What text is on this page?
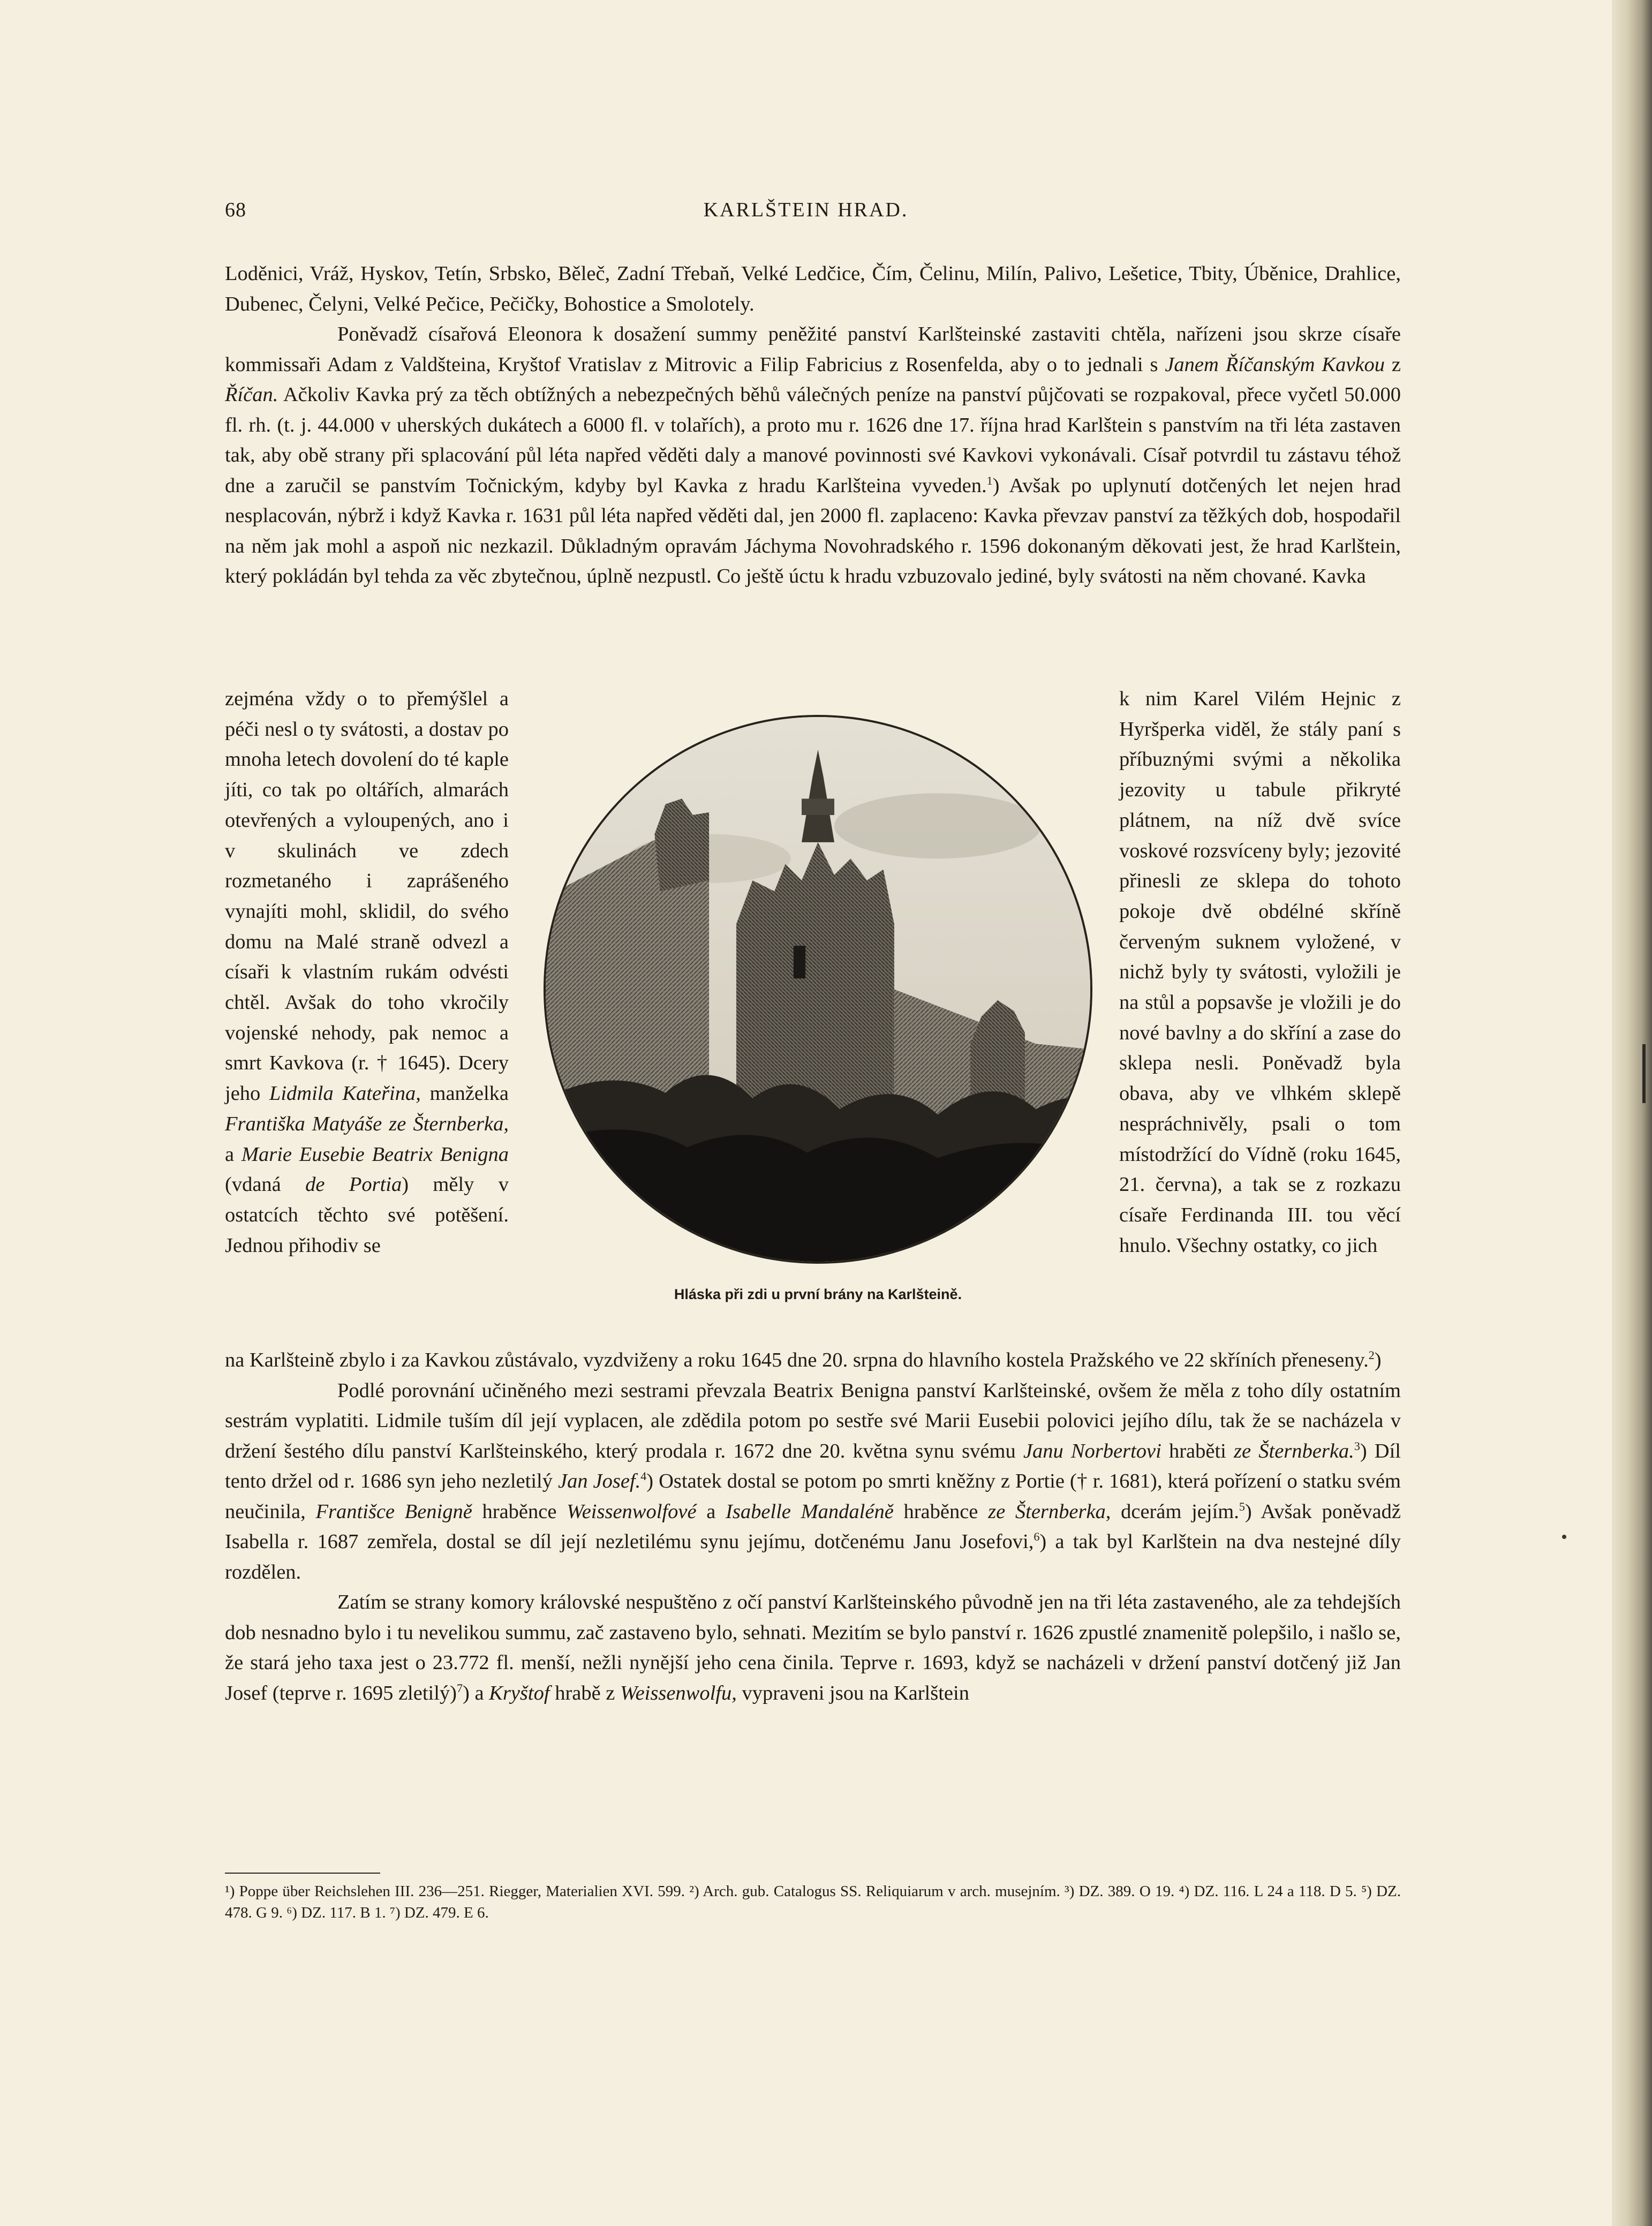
68	KARLŠTEIN HRAD.

Loděnici, Vráž, Hyskov, Tetín, Srbsko, Běleč, Zadní Třebaň, Velké Ledčice, Čím, Čelinu, Milín, Palivo, Lešetice, Tbity, Úběnice, Drahlice, Dubenec, Čelyni, Velké Pečice, Pečičky, Bohostice a Smolotely.

Poněvadž císařová Eleonora k dosažení summy peněžité panství Karlšteinské zastaviti chtěla, nařízeni jsou skrze císaře kommissaři Adam z Valdšteina, Kryštof Vratislav z Mitrovic a Filip Fabricius z Rosenfelda, aby o to jednali s Janem Říčanským Kavkou z Říčan. Ačkoliv Kavka prý za těch obtížných a nebezpečných běhů válečných peníze na panství půjčovati se rozpakoval, přece vyčetl 50.000 fl. rh. (t. j. 44.000 v uherských dukátech a 6000 fl. v tolařích), a proto mu r. 1626 dne 17. října hrad Karlštein s panstvím na tři léta zastaven tak, aby obě strany při splacování půl léta napřed věděti daly a manové povinnosti své Kavkovi vykonávali. Císař potvrdil tu zástavu téhož dne a zaručil se panstvím Točnickým, kdyby byl Kavka z hradu Karlšteina vyveden.$^1$) Avšak po uplynutí dotčených let nejen hrad nesplacován, nýbrž i když Kavka r. 1631 půl léta napřed věděti dal, jen 2000 fl. zaplaceno: Kavka převzav panství za těžkých dob, hospodařil na něm jak mohl a aspoň nic nezkazil. Důkladným opravám Jáchyma Novohradského r. 1596 dokonaným děkovati jest, že hrad Karlštein, který pokládán byl tehda za věc zbytečnou, úplně nezpustl. Co ještě úctu k hradu vzbuzovalo jediné, byly svátosti na něm chované. Kavka

zejména vždy o to přemýšlel a péči nesl o ty svátosti, a dostav po mnoha letech dovolení do té kaple jíti, co tak po oltářích, almarách otevřených a vyloupených, ano i v skulinách ve zdech rozmetaného i zaprášeného vynajíti mohl, sklidil, do svého domu na Malé straně odvezl a císaři k vlastním rukám odvésti chtěl. Avšak do toho vkročily vojenské nehody, pak nemoc a smrt Kavkova (r. † 1645). Dcery jeho Lidmila Kateřina, manželka Františka Matyáše ze Šternberka, a Marie Eusebie Beatrix Benigna (vdaná de Portia) měly v ostatcích těchto své potěšení. Jednou přihodiv se

Hláska při zdi u první brány na Karlšteině.

k nim Karel Vilém Hejnic z Hyršperka viděl, že stály paní s příbuznými svými a několika jezovity u tabule přikryté plátnem, na níž dvě svíce voskové rozsvíceny byly; jezovité přinesli ze sklepa do tohoto pokoje dvě obdélné skříně červeným suknem vyložené, v nichž byly ty svátosti, vyložili je na stůl a popsavše je vložili je do nové bavlny a do skříní a zase do sklepa nesli. Poněvadž byla obava, aby ve vlhkém sklepě nespráchnivěly, psali o tom místodržící do Vídně (roku 1645, 21. června), a tak se z rozkazu císaře Ferdinanda III. tou věcí hnulo. Všechny ostatky, co jich

na Karlšteině zbylo i za Kavkou zůstávalo, vyzdviženy a roku 1645 dne 20. srpna do hlavního kostela Pražského ve 22 skříních přeneseny.$^2$)

Podlé porovnání učiněného mezi sestrami převzala Beatrix Benigna panství Karlšteinské, ovšem že měla z toho díly ostatním sestrám vyplatiti. Lidmile tuším díl její vyplacen, ale zdědila potom po sestře své Marii Eusebii polovici jejího dílu, tak že se nacházela v držení šestého dílu panství Karlšteinského, který prodala r. 1672 dne 20. května synu svému Janu Norbertovi hraběti ze Šternberka.$^3$) Díl tento držel od r. 1686 syn jeho nezletilý Jan Josef.$^4$) Ostatek dostal se potom po smrti kněžny z Portie († r. 1681), která pořízení o statku svém neučinila, Františce Benigně hraběnce Weissenwolfové a Isabelle Mandaléně hraběnce ze Šternberka, dcerám jejím.$^5$) Avšak poněvadž Isabella r. 1687 zemřela, dostal se díl její nezletilému synu jejímu, dotčenému Janu Josefovi,$^6$) a tak byl Karlštein na dva nestejné díly rozdělen.

Zatím se strany komory královské nespuštěno z očí panství Karlšteinského původně jen na tři léta zastaveného, ale za tehdejších dob nesnadno bylo i tu nevelikou summu, zač zastaveno bylo, sehnati. Mezitím se bylo panství r. 1626 zpustlé znamenitě polepšilo, i našlo se, že stará jeho taxa jest o 23.772 fl. menší, nežli nynější jeho cena činila. Teprve r. 1693, když se nacházeli v držení panství dotčený již Jan Josef (teprve r. 1695 zletilý)$^7$) a Kryštof hrabě z Weissenwolfu, vypraveni jsou na Karlštein

¹) Poppe über Reichslehen III. 236—251. Riegger, Materialien XVI. 599. ²) Arch. gub. Catalogus SS. Reliquiarum v arch. musejním. ³) DZ. 389. O 19. ⁴) DZ. 116. L 24 a 118. D 5. ⁵) DZ. 478. G 9. ⁶) DZ. 117. B 1. ⁷) DZ. 479. E 6.
